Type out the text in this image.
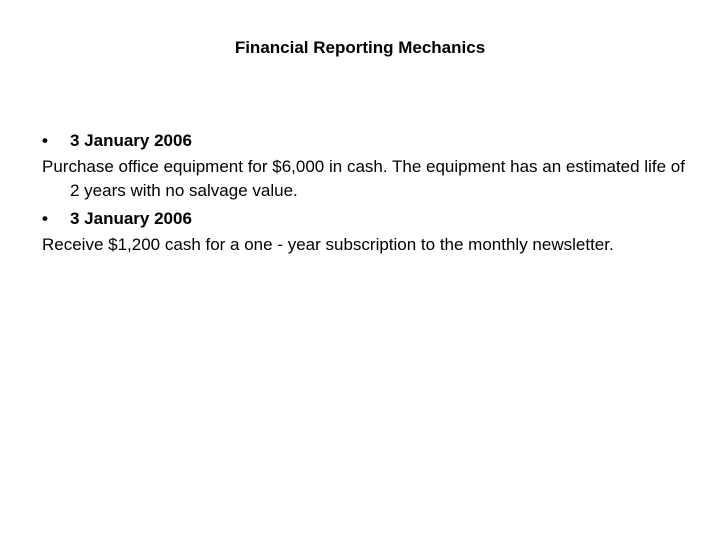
Financial Reporting Mechanics
• 3 January 2006
Purchase office equipment for $6,000 in cash. The equipment has an estimated life of 2 years with no salvage value.
• 3 January 2006
Receive $1,200 cash for a one - year subscription to the monthly newsletter.
